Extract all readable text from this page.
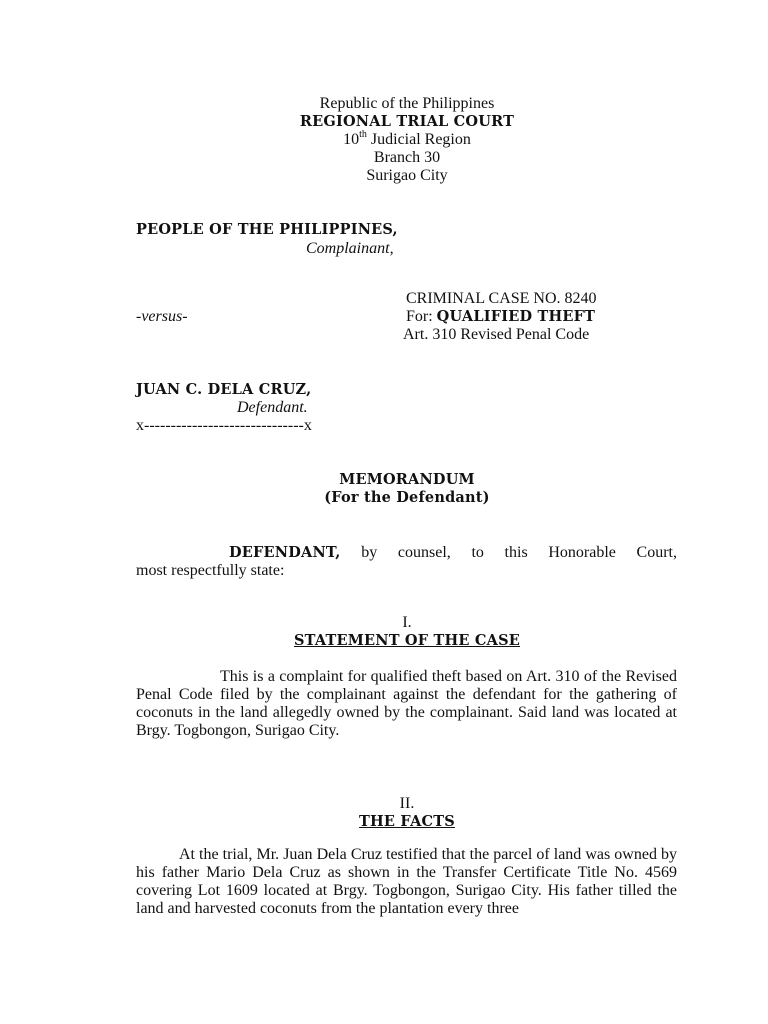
Republic of the Philippines
REGIONAL TRIAL COURT
10th Judicial Region
Branch 30
Surigao City
PEOPLE OF THE PHILIPPINES,
Complainant,
CRIMINAL CASE NO. 8240
-versus-	For: QUALIFIED THEFT
Art. 310 Revised Penal Code
JUAN C. DELA CRUZ,
Defendant.
x------------------------------x
MEMORANDUM
(For the Defendant)
DEFENDANT, by counsel, to this Honorable Court,
most respectfully state:
I.
STATEMENT OF THE CASE
This is a complaint for qualified theft based on Art. 310 of the Revised Penal Code filed by the complainant against the defendant for the gathering of coconuts in the land allegedly owned by the complainant. Said land was located at Brgy. Togbongon, Surigao City.
II.
THE FACTS
At the trial, Mr. Juan Dela Cruz testified that the parcel of land was owned by his father Mario Dela Cruz as shown in the Transfer Certificate Title No. 4569 covering Lot 1609 located at Brgy. Togbongon, Surigao City. His father tilled the land and harvested coconuts from the plantation every three
